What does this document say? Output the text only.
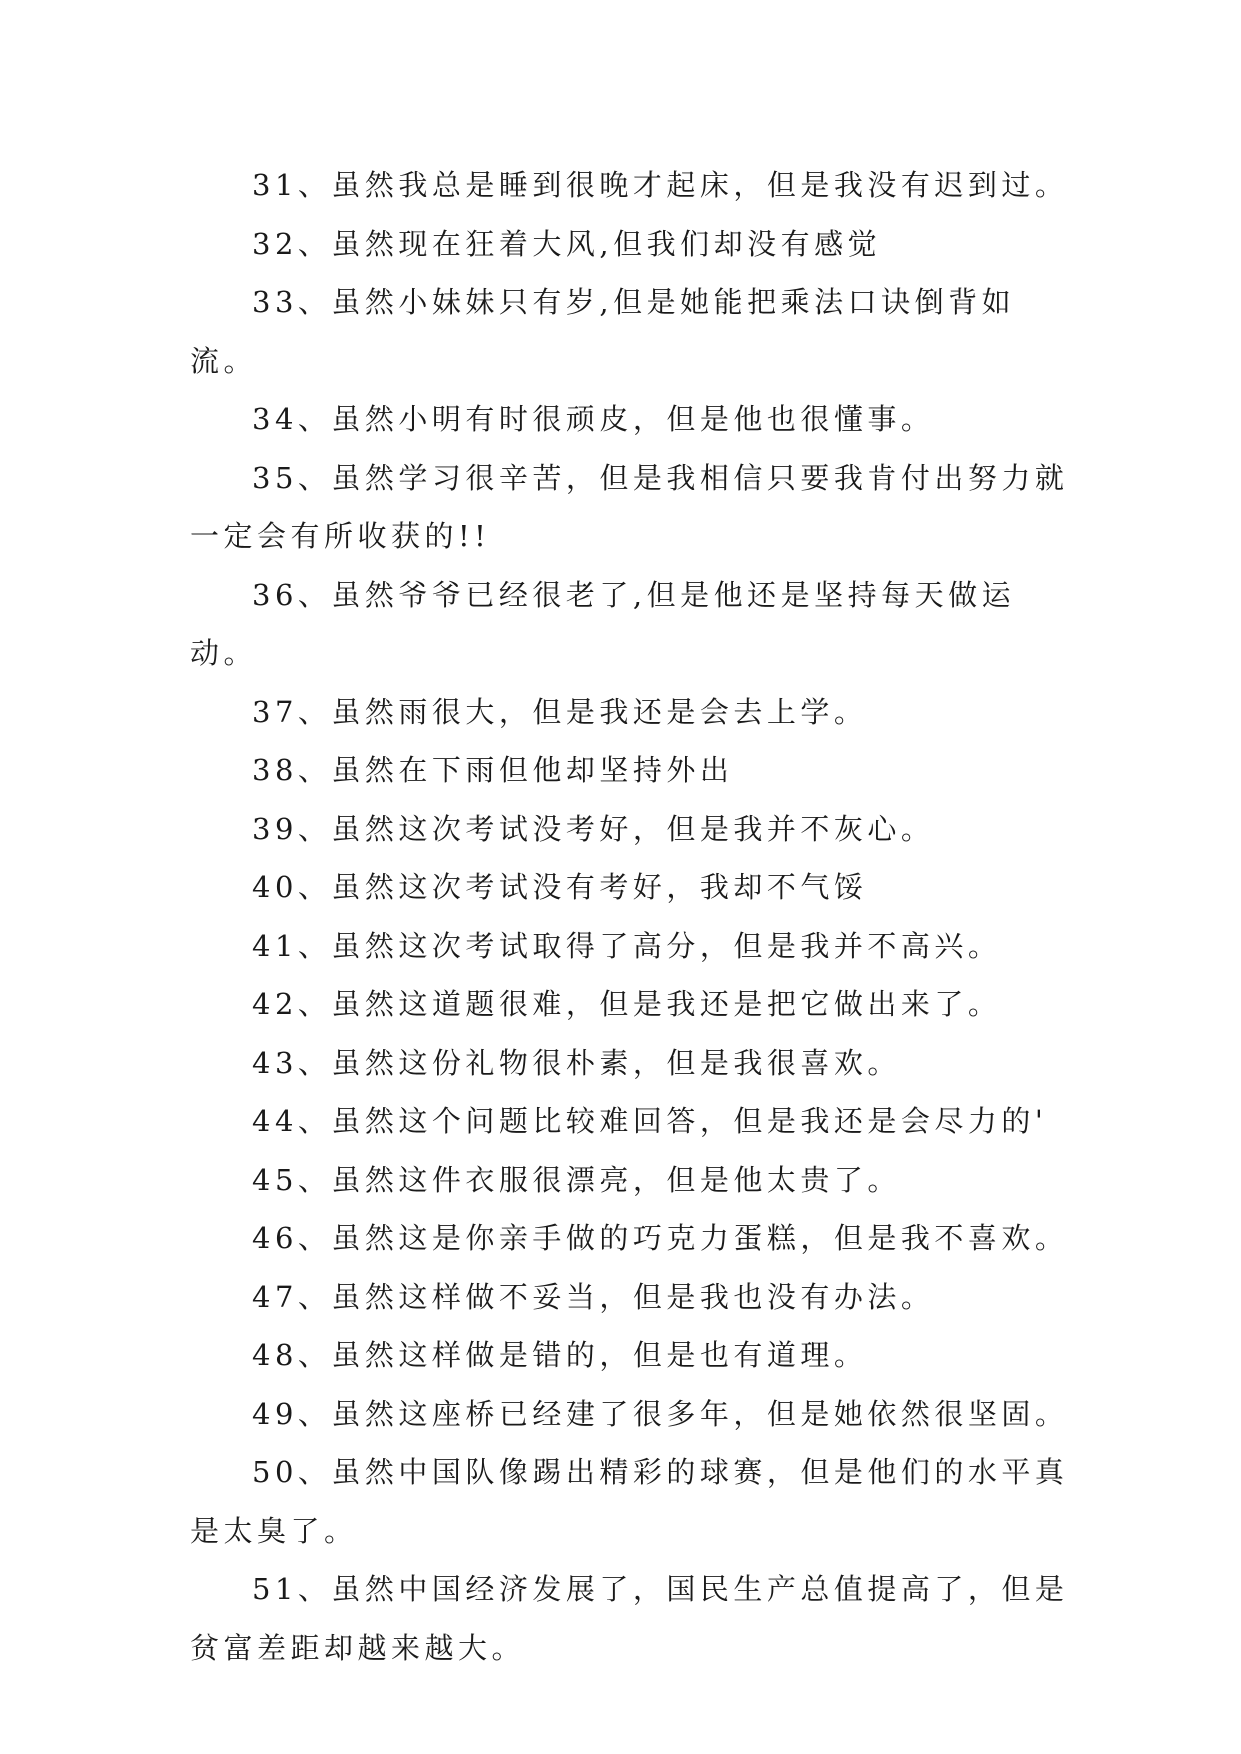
31、虽然我总是睡到很晚才起床，但是我没有迟到过。

32、虽然现在狂着大风,但我们却没有感觉

33、虽然小妹妹只有岁,但是她能把乘法口诀倒背如流。

34、虽然小明有时很顽皮，但是他也很懂事。

35、虽然学习很辛苦，但是我相信只要我肯付出努力就一定会有所收获的!!

36、虽然爷爷已经很老了,但是他还是坚持每天做运动。

37、虽然雨很大，但是我还是会去上学。

38、虽然在下雨但他却坚持外出

39、虽然这次考试没考好，但是我并不灰心。

40、虽然这次考试没有考好，我却不气馁

41、虽然这次考试取得了高分，但是我并不高兴。

42、虽然这道题很难，但是我还是把它做出来了。

43、虽然这份礼物很朴素，但是我很喜欢。

44、虽然这个问题比较难回答，但是我还是会尽力的'

45、虽然这件衣服很漂亮，但是他太贵了。

46、虽然这是你亲手做的巧克力蛋糕，但是我不喜欢。

47、虽然这样做不妥当，但是我也没有办法。

48、虽然这样做是错的，但是也有道理。

49、虽然这座桥已经建了很多年，但是她依然很坚固。

50、虽然中国队像踢出精彩的球赛，但是他们的水平真是太臭了。

51、虽然中国经济发展了，国民生产总值提高了，但是贫富差距却越来越大。
